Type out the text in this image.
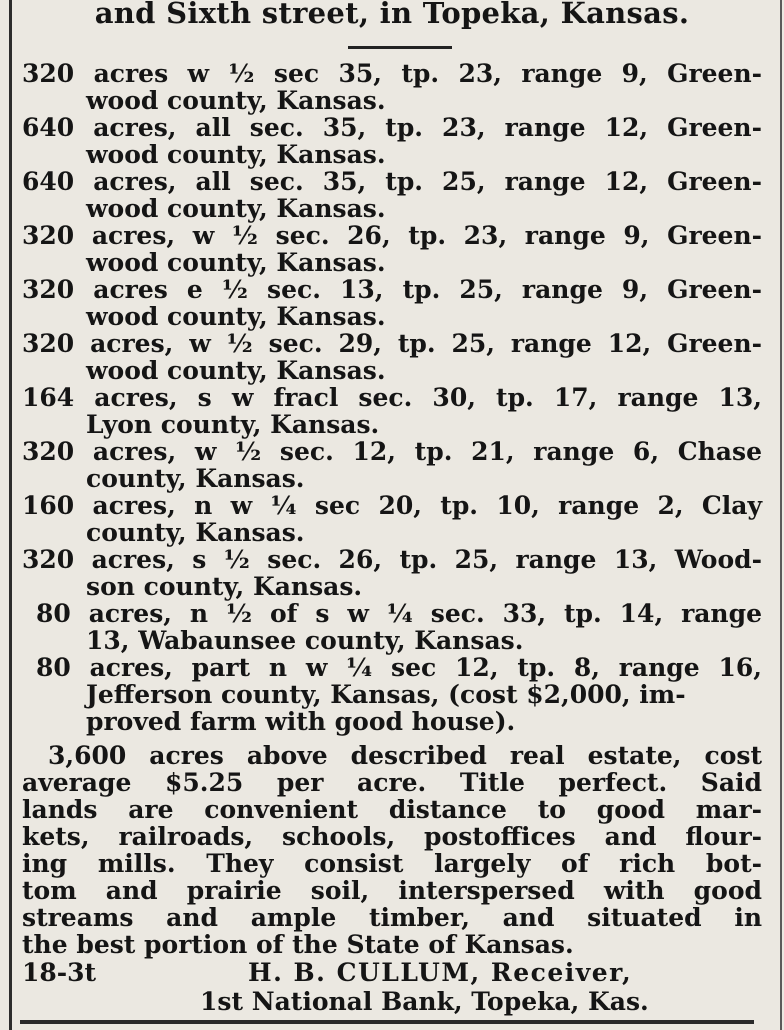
and Sixth street, in Topeka, Kansas.
320 acres w ½ sec 35, tp. 23, range 9, Green-
wood county, Kansas.
640 acres, all sec. 35, tp. 23, range 12, Green-
wood county, Kansas.
640 acres, all sec. 35, tp. 25, range 12, Green-
wood county, Kansas.
320 acres, w ½ sec. 26, tp. 23, range 9, Green-
wood county, Kansas.
320 acres e ½ sec. 13, tp. 25, range 9, Green-
wood county, Kansas.
320 acres, w ½ sec. 29, tp. 25, range 12, Green-
wood county, Kansas.
164 acres, s w fracl sec. 30, tp. 17, range 13,
Lyon county, Kansas.
320 acres, w ½ sec. 12, tp. 21, range 6, Chase
county, Kansas.
160 acres, n w ¼ sec 20, tp. 10, range 2, Clay
county, Kansas.
320 acres, s ½ sec. 26, tp. 25, range 13, Wood-
son county, Kansas.
80 acres, n ½ of s w ¼ sec. 33, tp. 14, range
13, Wabaunsee county, Kansas.
80 acres, part n w ¼ sec 12, tp. 8, range 16,
Jefferson county, Kansas, (cost $2,000, im-
proved farm with good house).
3,600 acres above described real estate, cost
average $5.25 per acre. Title perfect. Said
lands are convenient distance to good mar-
kets, railroads, schools, postoffices and flour-
ing mills. They consist largely of rich bot-
tom and prairie soil, interspersed with good
streams and ample timber, and situated in
the best portion of the State of Kansas.
18-3t	H. B. CULLUM, Receiver,
1st National Bank, Topeka, Kas.
